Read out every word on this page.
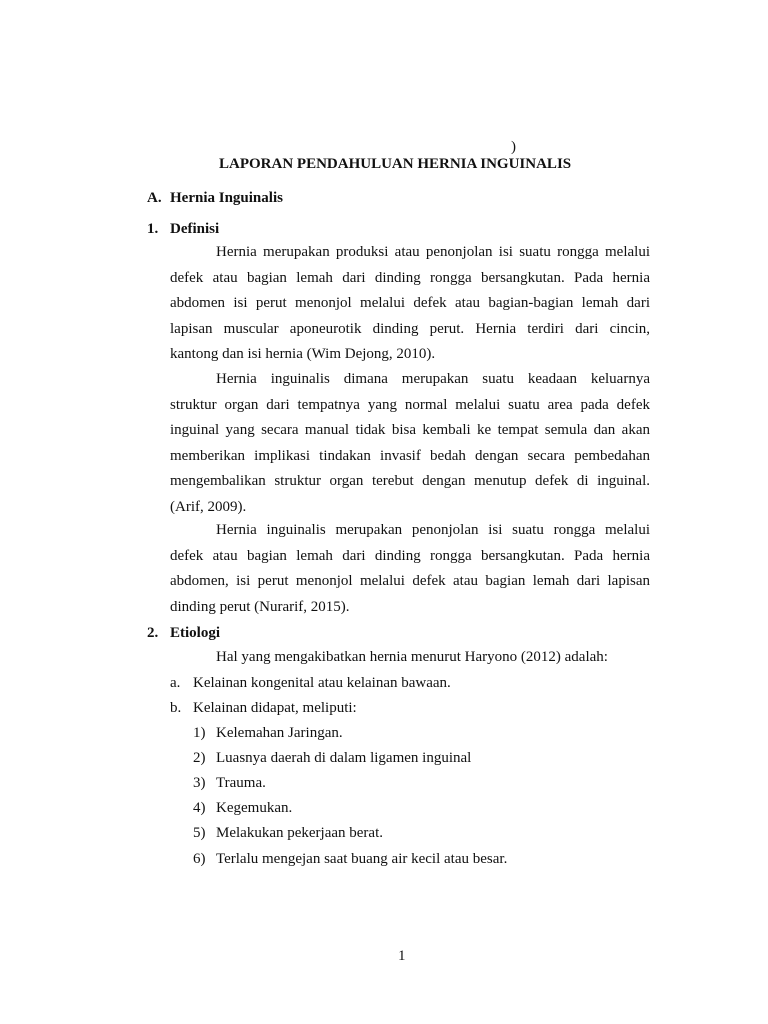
)
LAPORAN PENDAHULUAN HERNIA INGUINALIS
A. Hernia Inguinalis
1. Definisi
Hernia merupakan produksi atau penonjolan isi suatu rongga melalui
defek atau bagian lemah dari dinding rongga bersangkutan. Pada hernia
abdomen isi perut menonjol melalui defek atau bagian-bagian lemah dari
lapisan muscular aponeurotik dinding perut. Hernia terdiri dari cincin,
kantong dan isi hernia (Wim Dejong, 2010).
Hernia inguinalis dimana merupakan suatu keadaan keluarnya
struktur organ dari tempatnya yang normal melalui suatu area pada defek
inguinal yang secara manual tidak bisa kembali ke tempat semula dan akan
memberikan implikasi tindakan invasif bedah dengan secara pembedahan
mengembalikan struktur organ terebut dengan menutup defek di inguinal.
(Arif, 2009).
Hernia inguinalis merupakan penonjolan isi suatu rongga melalui
defek atau bagian lemah dari dinding rongga bersangkutan. Pada hernia
abdomen, isi perut menonjol melalui defek atau bagian lemah dari lapisan
dinding perut (Nurarif, 2015).
2. Etiologi
Hal yang mengakibatkan hernia menurut Haryono (2012) adalah:
a. Kelainan kongenital atau kelainan bawaan.
b. Kelainan didapat, meliputi:
1) Kelemahan Jaringan.
2) Luasnya daerah di dalam ligamen inguinal
3) Trauma.
4) Kegemukan.
5) Melakukan pekerjaan berat.
6) Terlalu mengejan saat buang air kecil atau besar.
1
